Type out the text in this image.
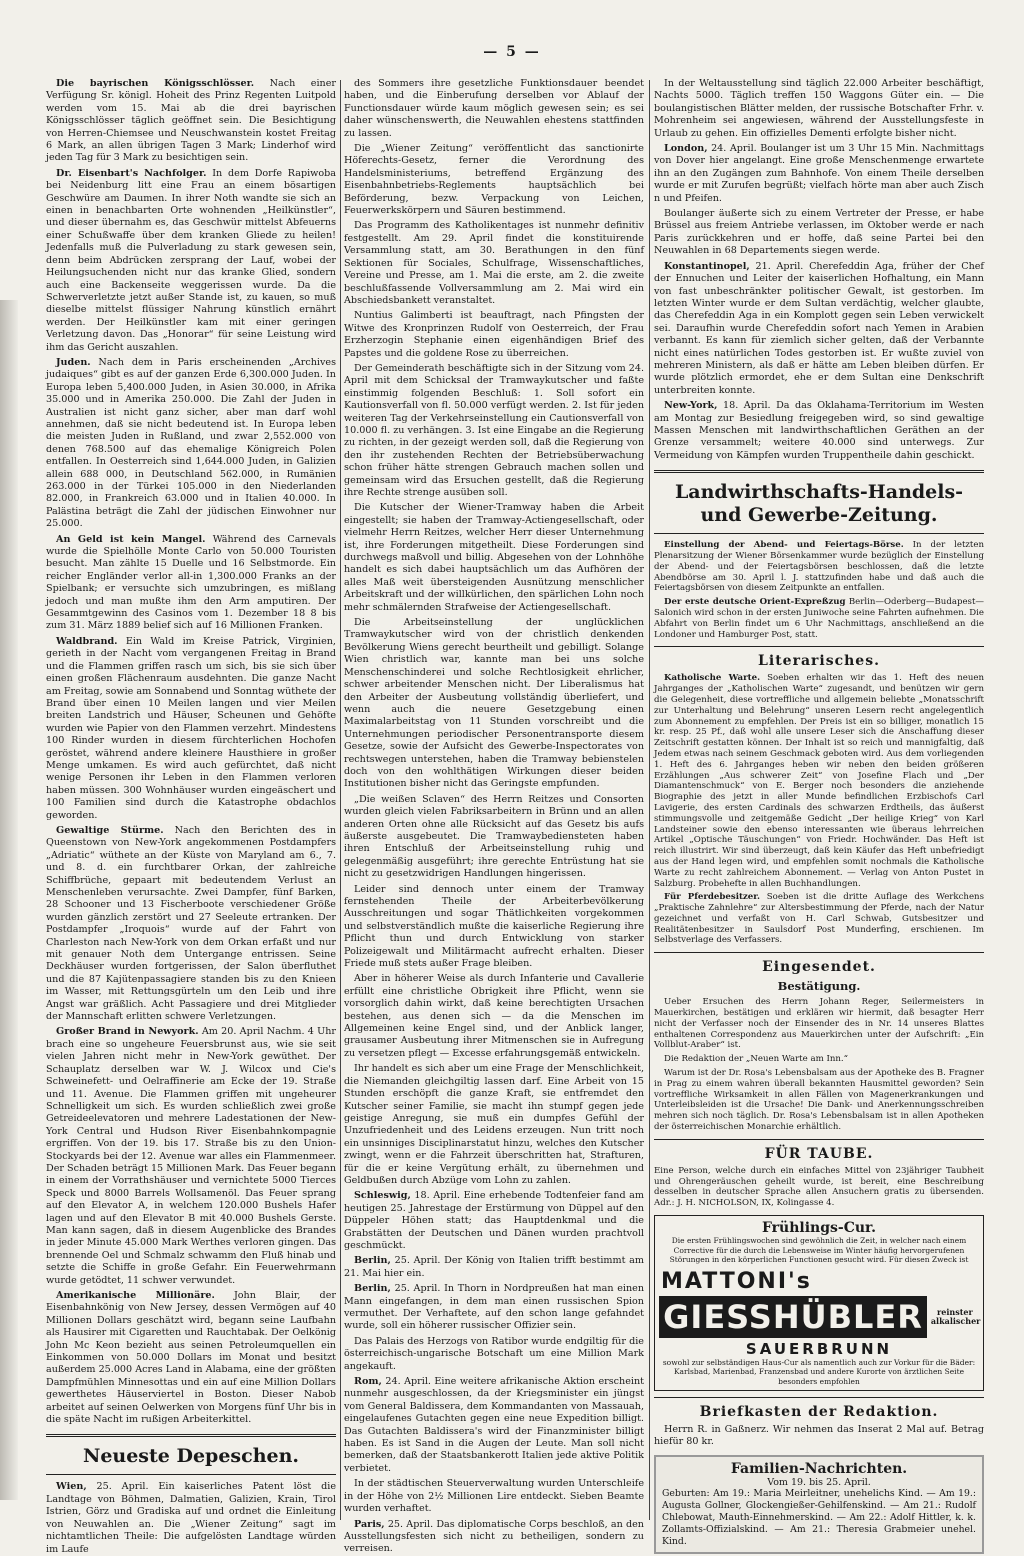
— 5 —

Die bayrischen Königsschlösser. Nach einer Verfügung Sr. königl. Hoheit des Prinz Regenten Luitpold werden vom 15. Mai ab die drei bayrischen Königsschlösser täglich geöffnet sein. Die Besichtigung von Herren-Chiemsee und Neuschwanstein kostet Freitag 6 Mark, an allen übrigen Tagen 3 Mark; Linderhof wird jeden Tag für 3 Mark zu besichtigen sein.

Dr. Eisenbart's Nachfolger. In dem Dorfe Rapiwoba bei Neidenburg litt eine Frau an einem bösartigen Geschwüre am Daumen. In ihrer Noth wandte sie sich an einen in benachbarten Orte wohnenden „Heilkünstler“, und dieser übernahm es, das Geschwür mittelst Abfeuerns einer Schußwaffe über dem kranken Gliede zu heilen! Jedenfalls muß die Pulverladung zu stark gewesen sein, denn beim Abdrücken zersprang der Lauf, wobei der Heilungsuchenden nicht nur das kranke Glied, sondern auch eine Backenseite weggerissen wurde. Da die Schwerverletzte jetzt außer Stande ist, zu kauen, so muß dieselbe mittelst flüssiger Nahrung künstlich ernährt werden. Der Heilkünstler kam mit einer geringen Verletzung davon. Das „Honorar“ für seine Leistung wird ihm das Gericht auszahlen.

Juden. Nach dem in Paris erscheinenden „Archives judaiques“ gibt es auf der ganzen Erde 6,300.000 Juden. In Europa leben 5,400.000 Juden, in Asien 30.000, in Afrika 35.000 und in Amerika 250.000. Die Zahl der Juden in Australien ist nicht ganz sicher, aber man darf wohl annehmen, daß sie nicht bedeutend ist. In Europa leben die meisten Juden in Rußland, und zwar 2,552.000 von denen 768.500 auf das ehemalige Königreich Polen entfallen. In Oesterreich sind 1,644.000 Juden, in Galizien allein 688 000, in Deutschland 562.000, in Rumänien 263.000 in der Türkei 105.000 in den Niederlanden 82.000, in Frankreich 63.000 und in Italien 40.000. In Palästina beträgt die Zahl der jüdischen Einwohner nur 25.000.

An Geld ist kein Mangel. Während des Carnevals wurde die Spielhölle Monte Carlo von 50.000 Touristen besucht. Man zählte 15 Duelle und 16 Selbstmorde. Ein reicher Engländer verlor all-in 1,300.000 Franks an der Spielbank; er versuchte sich umzubringen, es mißlang jedoch und man mußte ihm den Arm amputiren. Der Gesammtgewinn des Casinos vom 1. Dezember 18 8 bis zum 31. März 1889 belief sich auf 16 Millionen Franken.

Waldbrand. Ein Wald im Kreise Patrick, Virginien, gerieth in der Nacht vom vergangenen Freitag in Brand und die Flammen griffen rasch um sich, bis sie sich über einen großen Flächenraum ausdehnten. Die ganze Nacht am Freitag, sowie am Sonnabend und Sonntag wüthete der Brand über einen 10 Meilen langen und vier Meilen breiten Landstrich und Häuser, Scheunen und Gehöfte wurden wie Papier von den Flammen verzehrt. Mindestens 100 Rinder wurden in diesem fürchterlichen Hochofen geröstet, während andere kleinere Hausthiere in großer Menge umkamen. Es wird auch gefürchtet, daß nicht wenige Personen ihr Leben in den Flammen verloren haben müssen. 300 Wohnhäuser wurden eingeäschert und 100 Familien sind durch die Katastrophe obdachlos geworden.

Gewaltige Stürme. Nach den Berichten des in Queenstown von New-York angekommenen Postdampfers „Adriatic“ wüthete an der Küste von Maryland am 6., 7. und 8. d. ein furchtbarer Orkan, der zahlreiche Schiffbrüche, gepaart mit bedeutendem Verlust an Menschenleben verursachte. Zwei Dampfer, fünf Barken, 28 Schooner und 13 Fischerboote verschiedener Größe wurden gänzlich zerstört und 27 Seeleute ertranken. Der Postdampfer „Iroquois“ wurde auf der Fahrt von Charleston nach New-York von dem Orkan erfaßt und nur mit genauer Noth dem Untergange entrissen. Seine Deckhäuser wurden fortgerissen, der Salon überfluthet und die 87 Kajütenpassagiere standen bis zu den Knieen im Wasser, mit Rettungsgürteln um den Leib und ihre Angst war gräßlich. Acht Passagiere und drei Mitglieder der Mannschaft erlitten schwere Verletzungen.

Großer Brand in Newyork. Am 20. April Nachm. 4 Uhr brach eine so ungeheure Feuersbrunst aus, wie sie seit vielen Jahren nicht mehr in New-York gewüthet. Der Schauplatz derselben war W. J. Wilcox und Cie's Schweinefett- und Oelraffinerie am Ecke der 19. Straße und 11. Avenue. Die Flammen griffen mit ungeheurer Schnelligkeit um sich. Es wurden schließlich zwei große Getreideelevatoren und mehrere Ladestationen der New-York Central und Hudson River Eisenbahnkompagnie ergriffen. Von der 19. bis 17. Straße bis zu den Union-Stockyards bei der 12. Avenue war alles ein Flammenmeer. Der Schaden beträgt 15 Millionen Mark. Das Feuer begann in einem der Vorrathshäuser und vernichtete 5000 Tierces Speck und 8000 Barrels Wollsamenöl. Das Feuer sprang auf den Elevator A, in welchem 120.000 Bushels Hafer lagen und auf den Elevator B mit 40.000 Bushels Gerste. Man kann sagen, daß in diesem Augenblicke des Brandes in jeder Minute 45.000 Mark Werthes verloren gingen. Das brennende Oel und Schmalz schwamm den Fluß hinab und setzte die Schiffe in große Gefahr. Ein Feuerwehrmann wurde getödtet, 11 schwer verwundet.

Amerikanische Millionäre. John Blair, der Eisenbahnkönig von New Jersey, dessen Vermögen auf 40 Millionen Dollars geschätzt wird, begann seine Laufbahn als Hausirer mit Cigaretten und Rauchtabak. Der Oelkönig John Mc Keon bezieht aus seinen Petroleumquellen ein Einkommen von 50.000 Dollars im Monat und besitzt außerdem 25.000 Acres Land in Alabama, eine der größten Dampfmühlen Minnesottas und ein auf eine Million Dollars gewerthetes Häuserviertel in Boston. Dieser Nabob arbeitet auf seinen Oelwerken von Morgens fünf Uhr bis in die späte Nacht im rußigen Arbeiterkittel.

Neueste Depeschen.

Wien, 25. April. Ein kaiserliches Patent löst die Landtage von Böhmen, Dalmatien, Galizien, Krain, Tirol Istrien, Görz und Gradiska auf und ordnet die Einleitung von Neuwahlen an. Die „Wiener Zeitung“ sagt im nichtamtlichen Theile: Die aufgelösten Landtage würden im Laufe

des Sommers ihre gesetzliche Funktionsdauer beendet haben, und die Einberufung derselben vor Ablauf der Functionsdauer würde kaum möglich gewesen sein; es sei daher wünschenswerth, die Neuwahlen ehestens stattfinden zu lassen.

Die „Wiener Zeitung“ veröffentlicht das sanctionirte Höferechts-Gesetz, ferner die Verordnung des Handelsministeriums, betreffend Ergänzung des Eisenbahnbetriebs-Reglements hauptsächlich bei Beförderung, bezw. Verpackung von Leichen, Feuerwerkskörpern und Säuren bestimmend.

Das Programm des Katholikentages ist nunmehr definitiv festgestellt. Am 29. April findet die konstituirende Versammlung statt, am 30. Berathungen in den fünf Sektionen für Sociales, Schulfrage, Wissenschaftliches, Vereine und Presse, am 1. Mai die erste, am 2. die zweite beschlußfassende Vollversammlung am 2. Mai wird ein Abschiedsbankett veranstaltet.

Nuntius Galimberti ist beauftragt, nach Pfingsten der Witwe des Kronprinzen Rudolf von Oesterreich, der Frau Erzherzogin Stephanie einen eigenhändigen Brief des Papstes und die goldene Rose zu überreichen.

Der Gemeinderath beschäftigte sich in der Sitzung vom 24. April mit dem Schicksal der Tramwaykutscher und faßte einstimmig folgenden Beschluß: 1. Soll sofort ein Kautionsverfall von fl. 50.000 verfügt werden. 2. Ist für jeden weiteren Tag der Verkehrseinstellung ein Cautionsverfall von 10.000 fl. zu verhängen. 3. Ist eine Eingabe an die Regierung zu richten, in der gezeigt werden soll, daß die Regierung von den ihr zustehenden Rechten der Betriebsüberwachung schon früher hätte strengen Gebrauch machen sollen und gemeinsam wird das Ersuchen gestellt, daß die Regierung ihre Rechte strenge ausüben soll.

Die Kutscher der Wiener-Tramway haben die Arbeit eingestellt; sie haben der Tramway-Actiengesellschaft, oder vielmehr Herrn Reitzes, welcher Herr dieser Unternehmung ist, ihre Forderungen mitgetheilt. Diese Forderungen sind durchwegs maßvoll und billig. Abgesehen von der Lohnhöhe handelt es sich dabei hauptsächlich um das Aufhören der alles Maß weit übersteigenden Ausnützung menschlicher Arbeitskraft und der willkürlichen, den spärlichen Lohn noch mehr schmälernden Strafweise der Actiengesellschaft.

Die Arbeitseinstellung der unglücklichen Tramwaykutscher wird von der christlich denkenden Bevölkerung Wiens gerecht beurtheilt und gebilligt. Solange Wien christlich war, kannte man bei uns solche Menschenschinderei und solche Rechtlosigkeit ehrlicher, schwer arbeitender Menschen nicht. Der Liberalismus hat den Arbeiter der Ausbeutung vollständig überliefert, und wenn auch die neuere Gesetzgebung einen Maximalarbeitstag von 11 Stunden vorschreibt und die Unternehmungen periodischer Personentransporte diesem Gesetze, sowie der Aufsicht des Gewerbe-Inspectorates von rechtswegen unterstehen, haben die Tramway bebienstelen doch von den wohlthätigen Wirkungen dieser beiden Institutionen bisher nicht das Geringste empfunden.

„Die weißen Sclaven“ des Herrn Reitzes und Consorten wurden gleich vielen Fabriksarbeitern in Brünn und an allen anderen Orten ohne alle Rücksicht auf das Gesetz bis aufs äußerste ausgebeutet. Die Tramwaybediensteten haben ihren Entschluß der Arbeitseinstellung ruhig und gelegenmäßig ausgeführt; ihre gerechte Entrüstung hat sie nicht zu gesetzwidrigen Handlungen hingerissen.

Leider sind dennoch unter einem der Tramway fernstehenden Theile der Arbeiterbevölkerung Ausschreitungen und sogar Thätlichkeiten vorgekommen und selbstverständlich mußte die kaiserliche Regierung ihre Pflicht thun und durch Entwicklung von starker Polizeigewalt und Militärmacht aufrecht erhalten. Dieser Friede muß stets außer Frage bleiben.

Aber in höherer Weise als durch Infanterie und Cavallerie erfüllt eine christliche Obrigkeit ihre Pflicht, wenn sie vorsorglich dahin wirkt, daß keine berechtigten Ursachen bestehen, aus denen sich — da die Menschen im Allgemeinen keine Engel sind, und der Anblick langer, grausamer Ausbeutung ihrer Mitmenschen sie in Aufregung zu versetzen pflegt — Excesse erfahrungsgemäß entwickeln.

Ihr handelt es sich aber um eine Frage der Menschlichkeit, die Niemanden gleichgiltig lassen darf. Eine Arbeit von 15 Stunden erschöpft die ganze Kraft, sie entfremdet den Kutscher seiner Familie, sie macht ihn stumpf gegen jede geistige Anregung, sie muß ein dumpfes Gefühl der Unzufriedenheit und des Leidens erzeugen. Nun tritt noch ein unsinniges Disciplinarstatut hinzu, welches den Kutscher zwingt, wenn er die Fahrzeit überschritten hat, Strafturen, für die er keine Vergütung erhält, zu übernehmen und Geldbußen durch Abzüge vom Lohn zu zahlen.

Schleswig, 18. April. Eine erhebende Todtenfeier fand am heutigen 25. Jahrestage der Erstürmung von Düppel auf den Düppeler Höhen statt; das Hauptdenkmal und die Grabstätten der Deutschen und Dänen wurden prachtvoll geschmückt.

Berlin, 25. April. Der König von Italien trifft bestimmt am 21. Mai hier ein.

Berlin, 25. April. In Thorn in Nordpreußen hat man einen Mann eingefangen, in dem man einen russischen Spion vermuthet. Der Verhaftete, auf den schon lange gefahndet wurde, soll ein höherer russischer Offizier sein.

Das Palais des Herzogs von Ratibor wurde endgiltig für die österreichisch-ungarische Botschaft um eine Million Mark angekauft.

Rom, 24. April. Eine weitere afrikanische Aktion erscheint nunmehr ausgeschlossen, da der Kriegsminister ein jüngst vom General Baldissera, dem Kommandanten von Massauah, eingelaufenes Gutachten gegen eine neue Expedition billigt. Das Gutachten Baldissera's wird der Finanzminister billigt haben. Es ist Sand in die Augen der Leute. Man soll nicht bemerken, daß der Staatsbankerott Italien jede aktive Politik verbietet.

In der städtischen Steuerverwaltung wurden Unterschleife in der Höhe von 2½ Millionen Lire entdeckt. Sieben Beamte wurden verhaftet.

Paris, 25. April. Das diplomatische Corps beschloß, an den Ausstellungsfesten sich nicht zu betheiligen, sondern zu verreisen.

In der Weltausstellung sind täglich 22.000 Arbeiter beschäftigt, Nachts 5000. Täglich treffen 150 Waggons Güter ein. — Die boulangistischen Blätter melden, der russische Botschafter Frhr. v. Mohrenheim sei angewiesen, während der Ausstellungsfeste in Urlaub zu gehen. Ein offizielles Dementi erfolgte bisher nicht.

London, 24. April. Boulanger ist um 3 Uhr 15 Min. Nachmittags von Dover hier angelangt. Eine große Menschenmenge erwartete ihn an den Zugängen zum Bahnhofe. Von einem Theile derselben wurde er mit Zurufen begrüßt; vielfach hörte man aber auch Zisch n und Pfeifen.

Boulanger äußerte sich zu einem Vertreter der Presse, er habe Brüssel aus freiem Antriebe verlassen, im Oktober werde er nach Paris zurückkehren und er hoffe, daß seine Partei bei den Neuwahlen in 68 Departements siegen werde.

Konstantinopel, 21. April. Cherefeddin Aga, früher der Chef der Ennuchen und Leiter der kaiserlichen Hofhaltung, ein Mann von fast unbeschränkter politischer Gewalt, ist gestorben. Im letzten Winter wurde er dem Sultan verdächtig, welcher glaubte, das Cherefeddin Aga in ein Komplott gegen sein Leben verwickelt sei. Daraufhin wurde Cherefeddin sofort nach Yemen in Arabien verbannt. Es kann für ziemlich sicher gelten, daß der Verbannte nicht eines natürlichen Todes gestorben ist. Er wußte zuviel von mehreren Ministern, als daß er hätte am Leben bleiben dürfen. Er wurde plötzlich ermordet, ehe er dem Sultan eine Denkschrift unterbreiten konnte.

New-York, 18. April. Da das Oklahama-Territorium im Westen am Montag zur Besiedlung freigegeben wird, so sind gewaltige Massen Menschen mit landwirthschaftlichen Geräthen an der Grenze versammelt; weitere 40.000 sind unterwegs. Zur Vermeidung von Kämpfen wurden Truppentheile dahin geschickt.

Landwirthschafts-Handels- und Gewerbe-Zeitung.

Einstellung der Abend- und Feiertags-Börse. In der letzten Plenarsitzung der Wiener Börsenkammer wurde bezüglich der Einstellung der Abend- und der Feiertagsbörsen beschlossen, daß die letzte Abendbörse am 30. April l. J. stattzufinden habe und daß auch die Feiertagsbörsen von diesem Zeitpunkte an entfallen.

Der erste deutsche Orient-Expreßzug Berlin—Oderberg—Budapest—Salonich wird schon in der ersten Juniwoche seine Fahrten aufnehmen. Die Abfahrt von Berlin findet um 6 Uhr Nachmittags, anschließend an die Londoner und Hamburger Post, statt.

Literarisches.

Katholische Warte. Soeben erhalten wir das 1. Heft des neuen Jahrganges der „Katholischen Warte“ zugesandt, und benützen wir gern die Gelegenheit, diese vortreffliche und allgemein beliebte „Monatsschrift zur Unterhaltung und Belehrung“ unseren Lesern recht angelegentlich zum Abonnement zu empfehlen. Der Preis ist ein so billiger, monatlich 15 kr. resp. 25 Pf., daß wohl alle unsere Leser sich die Anschaffung dieser Zeitschrift gestatten können. Der Inhalt ist so reich und mannigfaltig, daß Jedem etwas nach seinem Geschmack geboten wird. Aus dem vorliegenden 1. Heft des 6. Jahrganges heben wir neben den beiden größeren Erzählungen „Aus schwerer Zeit“ von Josefine Flach und „Der Diamantenschmuck“ von E. Berger noch besonders die anziehende Biographie des jetzt in aller Munde befindlichen Erzbischofs Carl Lavigerie, des ersten Cardinals des schwarzen Erdtheils, das äußerst stimmungsvolle und zeitgemäße Gedicht „Der heilige Krieg“ von Karl Landsteiner sowie den ebenso interessanten wie überaus lehrreichen Artikel „Optische Täuschungen“ von Friedr. Hochwänder. Das Heft ist reich illustrirt. Wir sind überzeugt, daß kein Käufer das Heft unbefriedigt aus der Hand legen wird, und empfehlen somit nochmals die Katholische Warte zu recht zahlreichem Abonnement. — Verlag von Anton Pustet in Salzburg. Probehefte in allen Buchhandlungen.

Für Pferdebesitzer. Soeben ist die dritte Auflage des Werkchens „Praktische Zahnlehre“ zur Altersbestimmung der Pferde, nach der Natur gezeichnet und verfaßt von H. Carl Schwab, Gutsbesitzer und Realitätenbesitzer in Saulsdorf Post Munderfing, erschienen. Im Selbstverlage des Verfassers.

Eingesendet.
Bestätigung.

Ueber Ersuchen des Herrn Johann Reger, Seilermeisters in Mauerkirchen, bestätigen und erklären wir hiermit, daß besagter Herr nicht der Verfasser noch der Einsender des in Nr. 14 unseres Blattes enthaltenen Correspondenz aus Mauerkirchen unter der Aufschrift: „Ein Vollblut-Araber“ ist.

Die Redaktion der „Neuen Warte am Inn.“

Warum ist der Dr. Rosa's Lebensbalsam aus der Apotheke des B. Fragner in Prag zu einem wahren überall bekannten Hausmittel geworden? Sein vortreffliche Wirksamkeit in allen Fällen von Magenerkrankungen und Unterleibsleiden ist die Ursache! Die Dank- und Anerkennungsschreiben mehren sich noch täglich. Dr. Rosa's Lebensbalsam ist in allen Apotheken der österreichischen Monarchie erhältlich.

FÜR TAUBE.

Eine Person, welche durch ein einfaches Mittel von 23jähriger Taubheit und Ohrengeräuschen geheilt wurde, ist bereit, eine Beschreibung desselben in deutscher Sprache allen Ansuchern gratis zu übersenden. Adr.: J. H. NICHOLSON, IX, Kolingasse 4.

Frühlings-Cur.
Die ersten Frühlingswochen sind gewöhnlich die Zeit, in welcher nach einem Corrective für die durch die Lebensweise im Winter häufig hervorgerufenen Störungen in den körperlichen Functionen gesucht wird. Für diesen Zweck ist
MATTONI's
GIESSHÜBLER	reinster alkalischer
SAUERBRUNN
sowohl zur selbständigen Haus-Cur als namentlich auch zur Vorkur für die Bäder: Karlsbad, Marienbad, Franzensbad und andere Kurorte von ärztlichen Seite besonders empfohlen
Briefkasten der Redaktion.

Herrn R. in Gaßnerz. Wir nehmen das Inserat 2 Mal auf. Betrag hiefür 80 kr.

Familien-Nachrichten.
Vom 19. bis 25. April.
Geburten: Am 19.: Maria Meirleitner, unehelichs Kind. — Am 19.: Augusta Gollner, Glockengießer-Gehilfenskind. — Am 21.: Rudolf Chlebowat, Mauth-Einnehmerskind. — Am 22.: Adolf Hittler, k. k. Zollamts-Offizialskind. — Am 21.: Theresia Grabmeier unehel. Kind.
